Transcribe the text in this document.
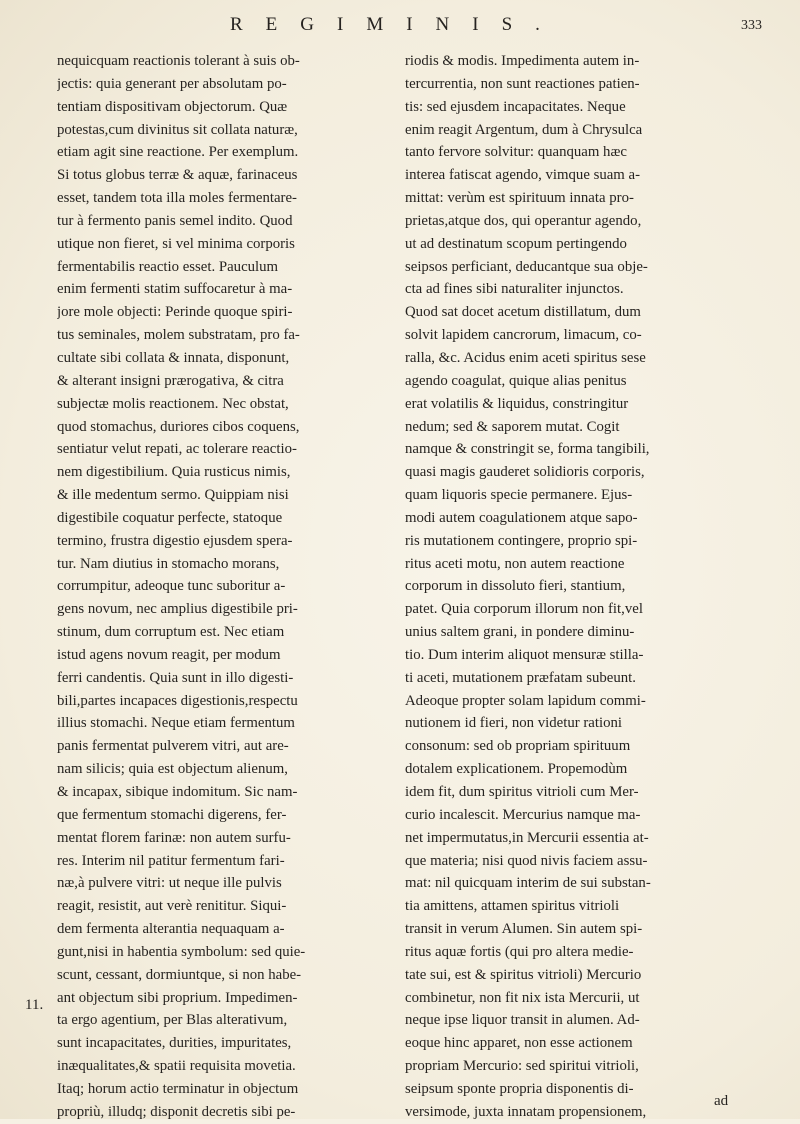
REGIMINIS.	333
nequicquam reactionis tolerant à suis ob-
jectis: quia generant per absolutam po-
tentiam dispositivam objectorum. Quæ
potestas,cum divinitus sit collata naturæ,
etiam agit sine reactione. Per exemplum.
Si totus globus terræ & aquæ, farinaceus
esset, tandem tota illa moles fermentare-
tur à fermento panis semel indito. Quod
utique non fieret, si vel minima corporis
fermentabilis reactio esset. Pauculum
enim fermenti statim suffocaretur à ma-
jore mole objecti: Perinde quoque spiri-
tus seminales, molem substratam, pro fa-
cultate sibi collata & innata, disponunt,
& alterant insigni prærogativa, & citra
subjectæ molis reactionem. Nec obstat,
quod stomachus, duriores cibos coquens,
sentiatur velut repati, ac tolerare reactio-
nem digestibilium. Quia rusticus nimis,
& ille medentum sermo. Quippiam nisi
digestibile coquatur perfecte, statoque
termino, frustra digestio ejusdem spera-
tur. Nam diutius in stomacho morans,
corrumpitur, adeoque tunc suboritur a-
gens novum, nec amplius digestibile pri-
stinum, dum corruptum est. Nec etiam
istud agens novum reagit, per modum
ferri candentis. Quia sunt in illo digesti-
bili,partes incapaces digestionis,respectu
illius stomachi. Neque etiam fermentum
panis fermentat pulverem vitri, aut are-
nam silicis; quia est objectum alienum,
& incapax, sibique indomitum. Sic nam-
que fermentum stomachi digerens, fer-
mentat florem farinæ: non autem surfu-
res. Interim nil patitur fermentum fari-
næ,à pulvere vitri: ut neque ille pulvis
reagit, resistit, aut verè renititur. Siqui-
dem fermenta alterantia nequaquam a-
gunt,nisi in habentia symbolum: sed quie-
scunt, cessant, dormiuntque, si non habe-
ant objectum sibi proprium. Impedimen-
ta ergo agentium, per Blas alterativum,
sunt incapacitates, durities, impuritates,
inæqualitates,& spatii requisita movetia.
Itaq; horum actio terminatur in objectum
propriù, illudq; disponit decretis sibi pe-
riodis & modis. Impedimenta autem in-
tercurrentia, non sunt reactiones patien-
tis: sed ejusdem incapacitates. Neque
enim reagit Argentum, dum à Chrysulca
tanto fervore solvitur: quanquam hæc
interea fatiscat agendo, vimque suam a-
mittat: verùm est spirituum innata pro-
prietas,atque dos, qui operantur agendo,
ut ad destinatum scopum pertingendo
seipsos perficiant, deducantque sua obje-
cta ad fines sibi naturaliter injunctos.
Quod sat docet acetum distillatum, dum
solvit lapidem cancrorum, limacum, co-
ralla, &c. Acidus enim aceti spiritus sese
agendo coagulat, quique alias penitus
erat volatilis & liquidus, constringitur
nedum; sed & saporem mutat. Cogit
namque & constringit se, forma tangibili,
quasi magis gauderet solidioris corporis,
quam liquoris specie permanere. Ejus-
modi autem coagulationem atque sapo-
ris mutationem contingere, proprio spi-
ritus aceti motu, non autem reactione
corporum in dissoluto fieri, stantium,
patet. Quia corporum illorum non fit,vel
unius saltem grani, in pondere diminu-
tio. Dum interim aliquot mensuræ stilla-
ti aceti, mutationem præfatam subeunt.
Adeoque propter solam lapidum commi-
nutionem id fieri, non videtur rationi
consonum: sed ob propriam spirituum
dotalem explicationem. Propemodùm
idem fit, dum spiritus vitrioli cum Mer-
curio incalescit. Mercurius namque ma-
net impermutatus,in Mercurii essentia at-
que materia; nisi quod nivis faciem assu-
mat: nil quicquam interim de sui substan-
tia amittens, attamen spiritus vitrioli
transit in verum Alumen. Sin autem spi-
ritus aquæ fortis (qui pro altera medie-
tate sui, est & spiritus vitrioli) Mercurio
combinetur, non fit nix ista Mercurii, ut
neque ipse liquor transit in alumen. Ad-
eoque hinc apparet, non esse actionem
propriam Mercurio: sed spiritui vitrioli,
seipsum sponte propria disponentis di-
versimode, juxta innatam propensionem,
11.
ad
